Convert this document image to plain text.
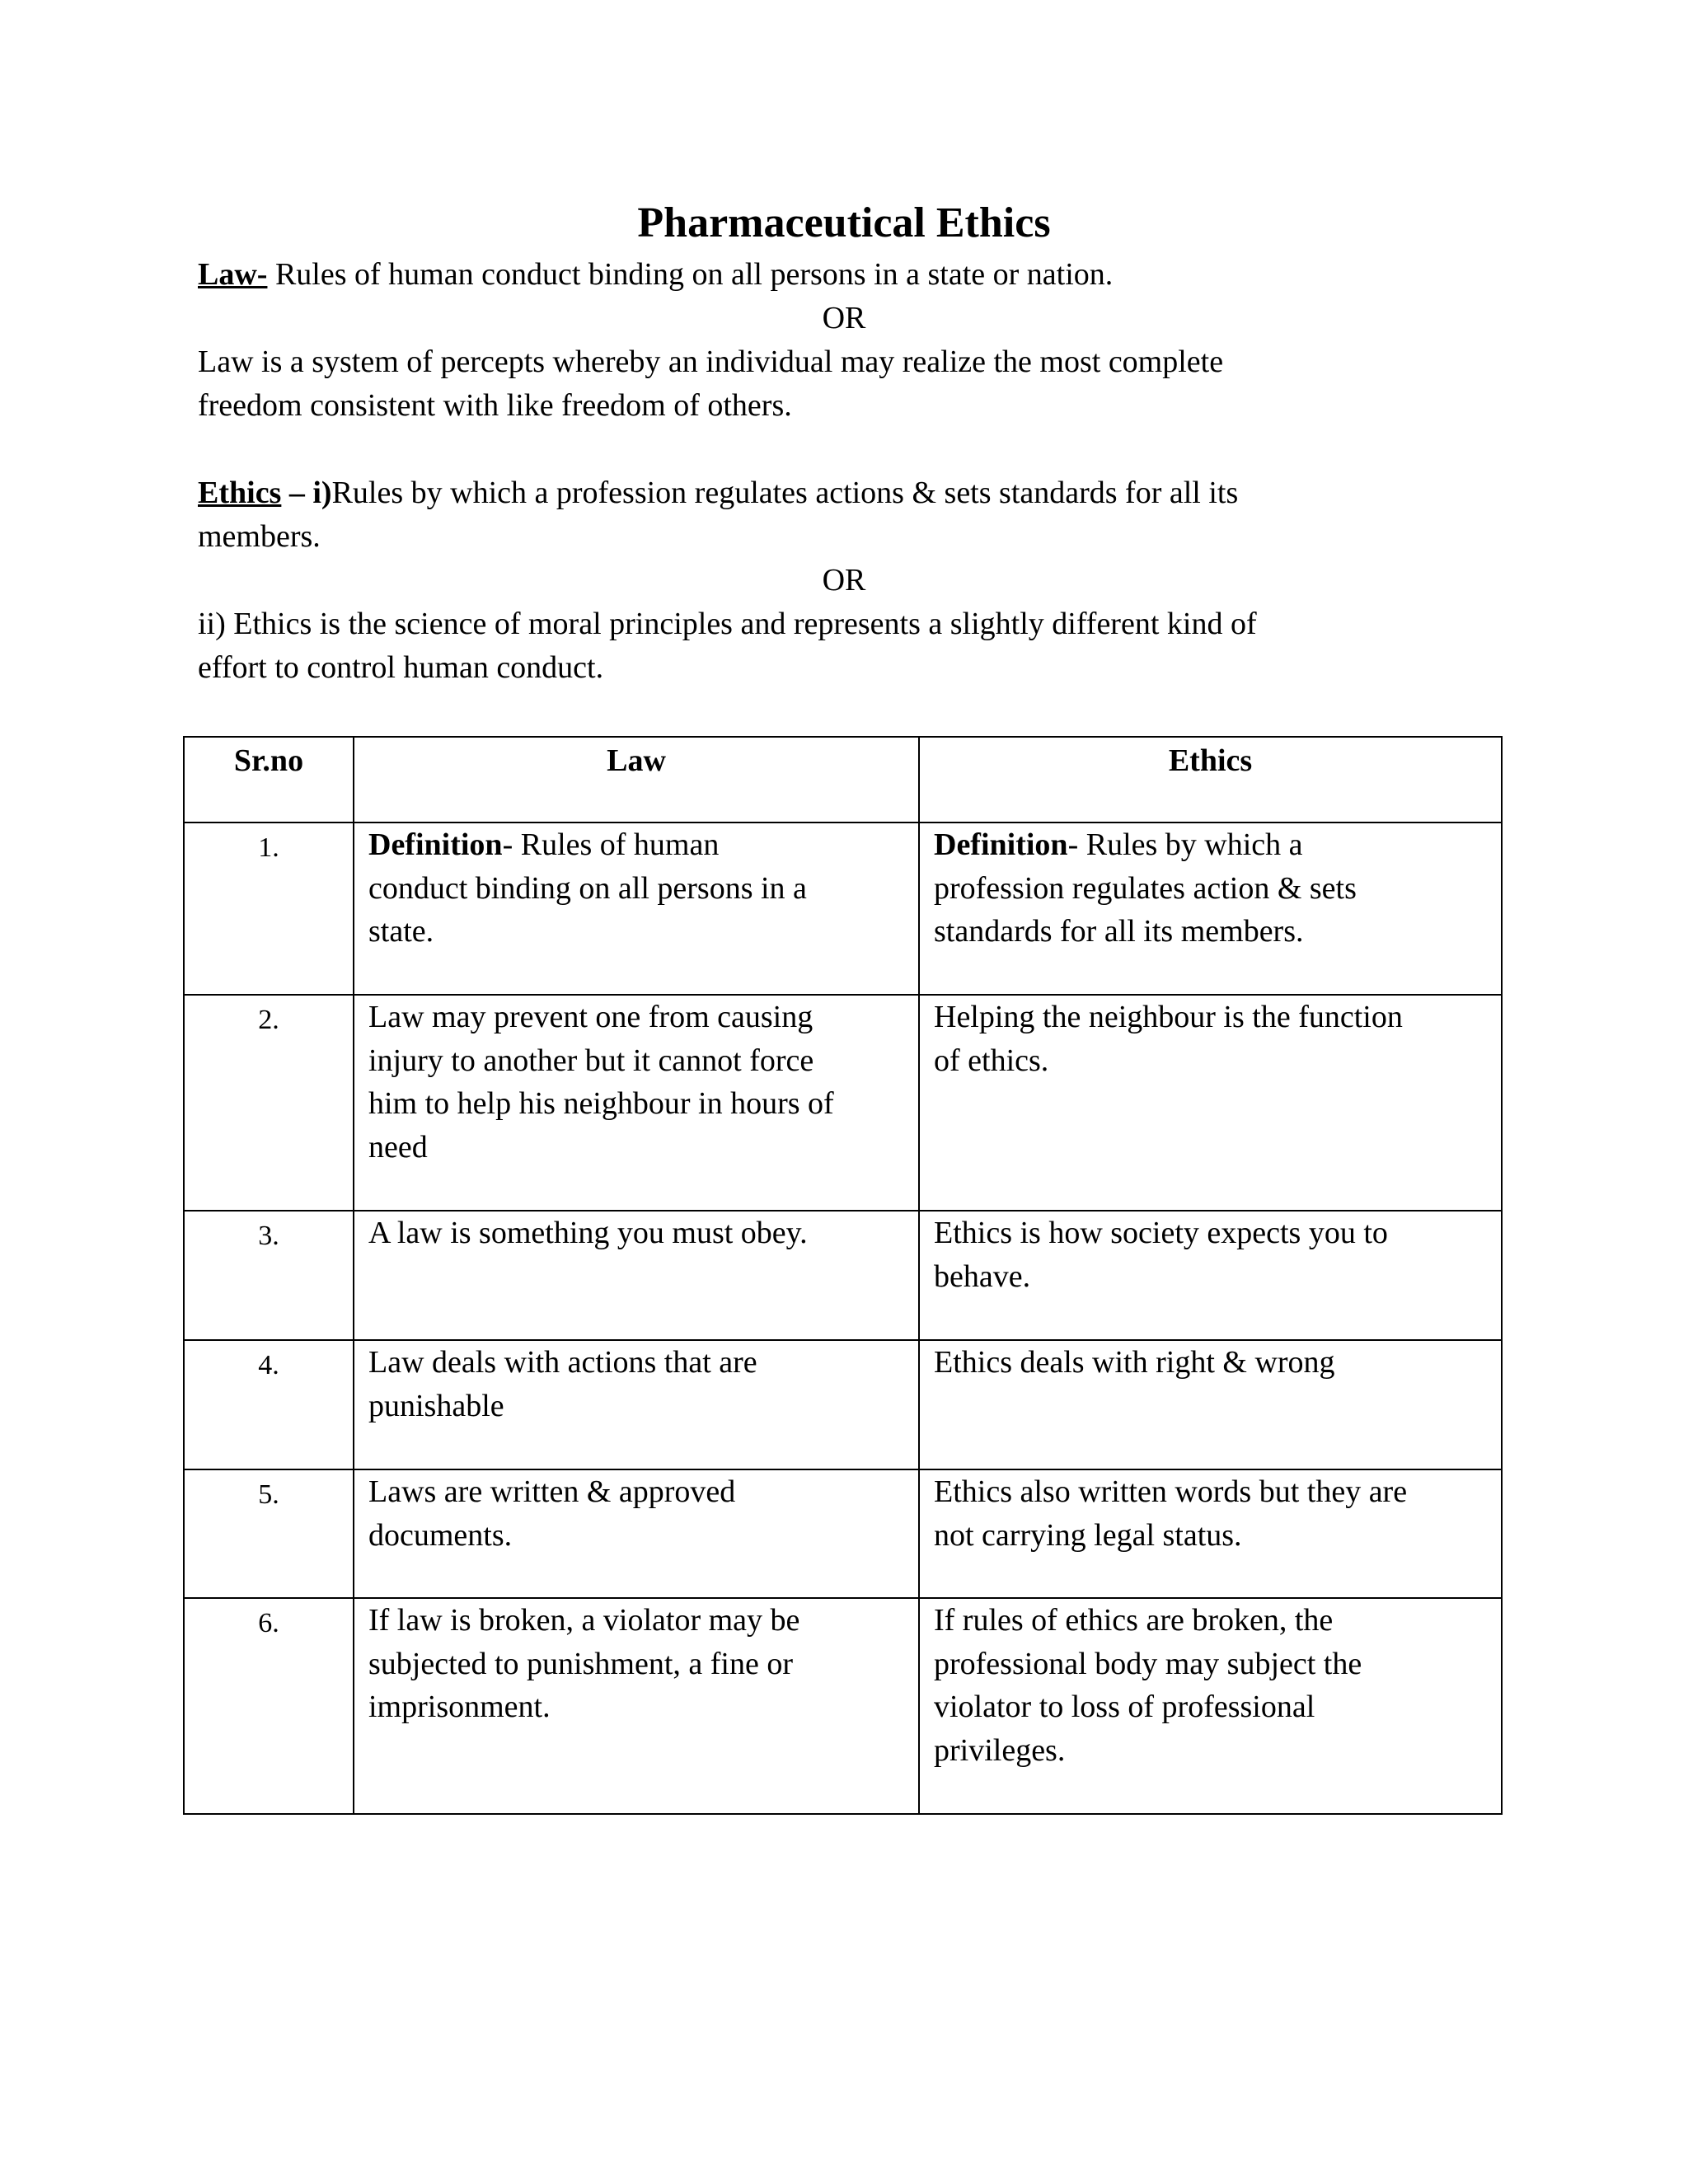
Pharmaceutical Ethics

Law- Rules of human conduct binding on all persons in a state or nation.

OR

Law is a system of percepts whereby an individual may realize the most complete

freedom consistent with like freedom of others.

Ethics – i)Rules by which a profession regulates actions & sets standards for all its

members.

OR

ii) Ethics is the science of moral principles and represents a slightly different kind of

effort to control human conduct.

Sr.no	Law	Ethics
1.	Definition- Rules of human
conduct binding on all persons in a
state.	Definition- Rules by which a
profession regulates action & sets
standards for all its members.
2.	Law may prevent one from causing
injury to another but it cannot force
him to help his neighbour in hours of
need	Helping the neighbour is the function
of ethics.
3.	A law is something you must obey.	Ethics is how society expects you to
behave.
4.	Law deals with actions that are
punishable	Ethics deals with right & wrong
5.	Laws are written & approved
documents.	Ethics also written words but they are
not carrying legal status.
6.	If law is broken, a violator may be
subjected to punishment, a fine or
imprisonment.	If rules of ethics are broken, the
professional body may subject the
violator to loss of professional
privileges.
